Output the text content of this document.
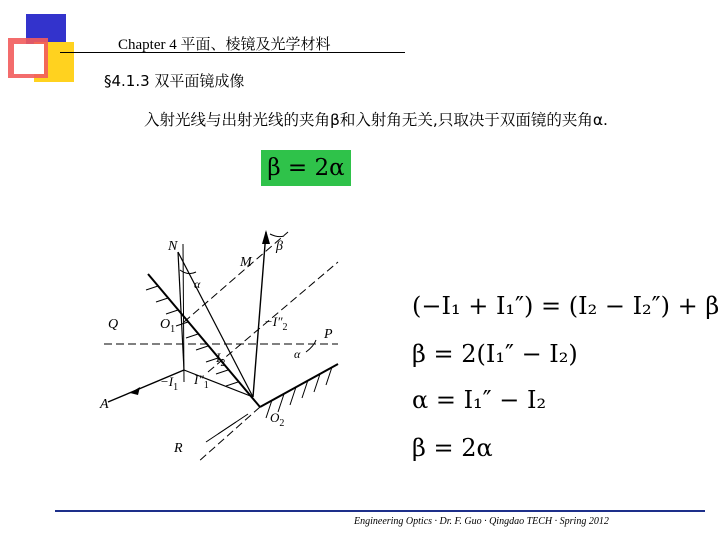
Chapter 4 平面、棱镜及光学材料
§4.1.3 双平面镜成像
入射光线与出射光线的夹角β和入射角无关,只取决于双面镜的夹角α.
β = 2α
N	β
M
α
Q	$O_1$
$-I''_2$	P
$I_2$
α
$-I_1$
$I''_1$
A
$O_2$
R
(−I₁ + I₁″) = (I₂ − I₂″) + β
β = 2(I₁″ − I₂)
α = I₁″ − I₂
β = 2α
Engineering Optics · Dr. F. Guo · Qingdao TECH · Spring 2012
